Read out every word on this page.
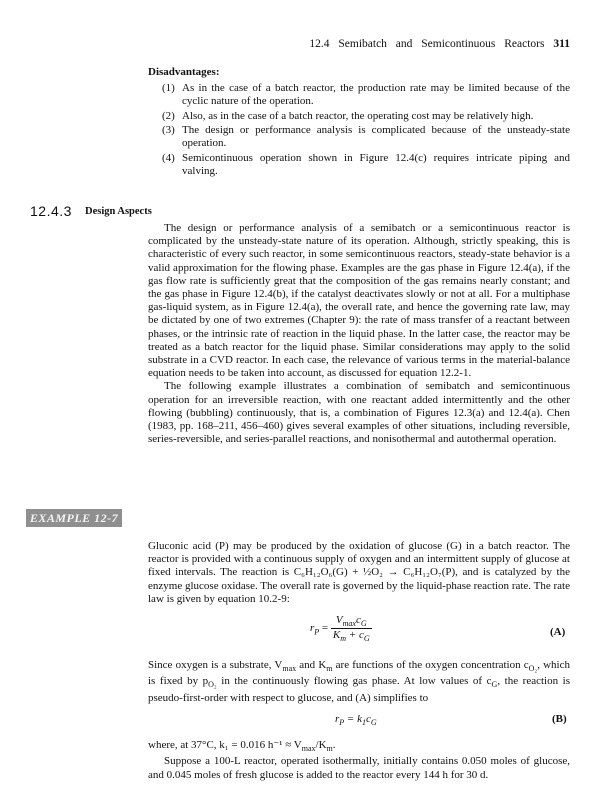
12.4 Semibatch and Semicontinuous Reactors 311
Disadvantages:
(1) As in the case of a batch reactor, the production rate may be limited because of the cyclic nature of the operation.
(2) Also, as in the case of a batch reactor, the operating cost may be relatively high.
(3) The design or performance analysis is complicated because of the unsteady-state operation.
(4) Semicontinuous operation shown in Figure 12.4(c) requires intricate piping and valving.
12.4.3 Design Aspects

The design or performance analysis of a semibatch or a semicontinuous reactor is complicated by the unsteady-state nature of its operation. Although, strictly speaking, this is characteristic of every such reactor, in some semicontinuous reactors, steady-state behavior is a valid approximation for the flowing phase. Examples are the gas phase in Figure 12.4(a), if the gas flow rate is sufficiently great that the composition of the gas remains nearly constant; and the gas phase in Figure 12.4(b), if the catalyst deactivates slowly or not at all. For a multiphase gas-liquid system, as in Figure 12.4(a), the overall rate, and hence the governing rate law, may be dictated by one of two extremes (Chapter 9): the rate of mass transfer of a reactant between phases, or the intrinsic rate of reaction in the liquid phase. In the latter case, the reactor may be treated as a batch reactor for the liquid phase. Similar considerations may apply to the solid substrate in a CVD reactor. In each case, the relevance of various terms in the material-balance equation needs to be taken into account, as discussed for equation 12.2-1.

The following example illustrates a combination of semibatch and semicontinuous operation for an irreversible reaction, with one reactant added intermittently and the other flowing (bubbling) continuously, that is, a combination of Figures 12.3(a) and 12.4(a). Chen (1983, pp. 168–211, 456–460) gives several examples of other situations, including reversible, series-reversible, and series-parallel reactions, and nonisothermal and autothermal operation.

EXAMPLE 12-7

Gluconic acid (P) may be produced by the oxidation of glucose (G) in a batch reactor. The reactor is provided with a continuous supply of oxygen and an intermittent supply of glucose at fixed intervals. The reaction is C₆H₁₂O₆(G) + ½O₂ → C₆H₁₂O₇(P), and is catalyzed by the enzyme glucose oxidase. The overall rate is governed by the liquid-phase reaction rate. The rate law is given by equation 10.2-9:

$r_P = \frac{V_{max}c_G}{K_m + c_G}$	(A)

Since oxygen is a substrate, $V_{max}$ and $K_m$ are functions of the oxygen concentration $c_{O_2}$, which is fixed by $p_{O_2}$ in the continuously flowing gas phase. At low values of $c_G$, the reaction is pseudo-first-order with respect to glucose, and (A) simplifies to

$r_P = k_1c_G$	(B)

where, at 37°C, k₁ = 0.016 $h^{-1} \approx V_{max}/K_m$.

Suppose a 100-L reactor, operated isothermally, initially contains 0.050 moles of glucose, and 0.045 moles of fresh glucose is added to the reactor every 144 h for 30 d.
